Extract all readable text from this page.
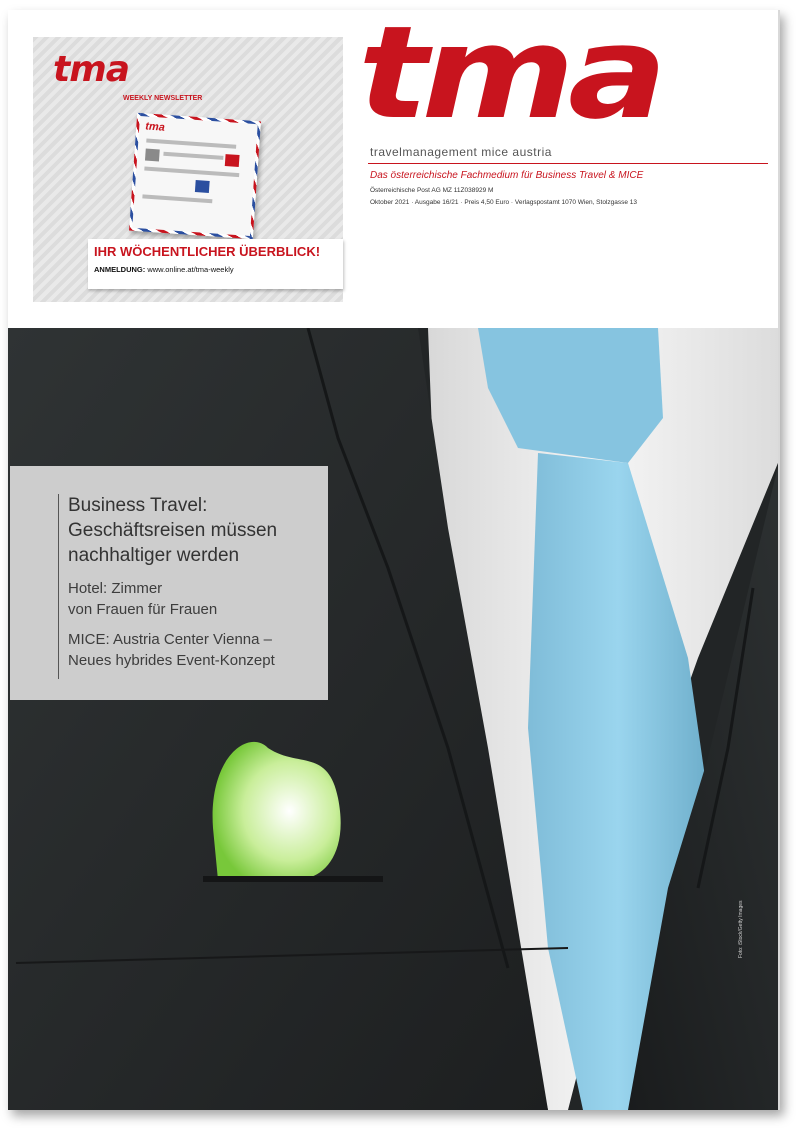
tma
WEEKLY NEWSLETTER
tma
IHR WÖCHENTLICHER ÜBERBLICK!
ANMELDUNG: www.online.at/tma-weekly
tma
travelmanagement mice austria
Das österreichische Fachmedium für Business Travel & MICE
Österreichische Post AG MZ 11Z038929 M
Oktober 2021 · Ausgabe 16/21 · Preis 4,50 Euro · Verlagspostamt 1070 Wien, Stolzgasse 13
Business Travel:
Geschäftsreisen müssen
nachhaltiger werden
Hotel: Zimmer
von Frauen für Frauen
MICE: Austria Center Vienna –
Neues hybrides Event-Konzept
Foto: iStock/Getty Images
